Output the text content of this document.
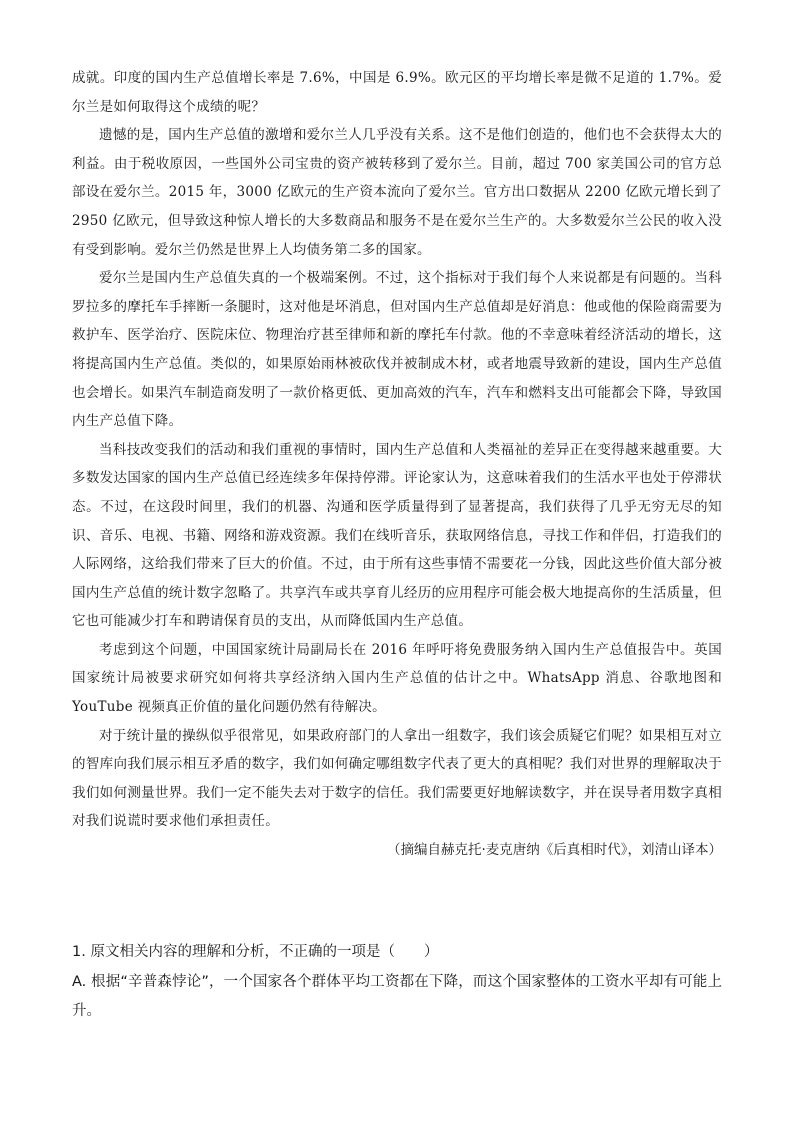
成就。印度的国内生产总值增长率是 7.6%，中国是 6.9%。欧元区的平均增长率是微不足道的 1.7%。爱尔兰是如何取得这个成绩的呢？

遗憾的是，国内生产总值的激增和爱尔兰人几乎没有关系。这不是他们创造的，他们也不会获得太大的利益。由于税收原因，一些国外公司宝贵的资产被转移到了爱尔兰。目前，超过 700 家美国公司的官方总部设在爱尔兰。2015 年，3000 亿欧元的生产资本流向了爱尔兰。官方出口数据从 2200 亿欧元增长到了 2950 亿欧元，但导致这种惊人增长的大多数商品和服务不是在爱尔兰生产的。大多数爱尔兰公民的收入没有受到影响。爱尔兰仍然是世界上人均债务第二多的国家。

爱尔兰是国内生产总值失真的一个极端案例。不过，这个指标对于我们每个人来说都是有问题的。当科罗拉多的摩托车手摔断一条腿时，这对他是坏消息，但对国内生产总值却是好消息：他或他的保险商需要为救护车、医学治疗、医院床位、物理治疗甚至律师和新的摩托车付款。他的不幸意味着经济活动的增长，这将提高国内生产总值。类似的，如果原始雨林被砍伐并被制成木材，或者地震导致新的建设，国内生产总值也会增长。如果汽车制造商发明了一款价格更低、更加高效的汽车，汽车和燃料支出可能都会下降，导致国内生产总值下降。

当科技改变我们的活动和我们重视的事情时，国内生产总值和人类福祉的差异正在变得越来越重要。大多数发达国家的国内生产总值已经连续多年保持停滞。评论家认为，这意味着我们的生活水平也处于停滞状态。不过，在这段时间里，我们的机器、沟通和医学质量得到了显著提高，我们获得了几乎无穷无尽的知识、音乐、电视、书籍、网络和游戏资源。我们在线听音乐，获取网络信息，寻找工作和伴侣，打造我们的人际网络，这给我们带来了巨大的价值。不过，由于所有这些事情不需要花一分钱，因此这些价值大部分被国内生产总值的统计数字忽略了。共享汽车或共享育儿经历的应用程序可能会极大地提高你的生活质量，但它也可能减少打车和聘请保育员的支出，从而降低国内生产总值。

考虑到这个问题，中国国家统计局副局长在 2016 年呼吁将免费服务纳入国内生产总值报告中。英国国家统计局被要求研究如何将共享经济纳入国内生产总值的估计之中。WhatsApp 消息、谷歌地图和 YouTube 视频真正价值的量化问题仍然有待解决。

对于统计量的操纵似乎很常见，如果政府部门的人拿出一组数字，我们该会质疑它们呢？如果相互对立的智库向我们展示相互矛盾的数字，我们如何确定哪组数字代表了更大的真相呢？我们对世界的理解取决于我们如何测量世界。我们一定不能失去对于数字的信任。我们需要更好地解读数字，并在误导者用数字真相对我们说谎时要求他们承担责任。

（摘编自赫克托·麦克唐纳《后真相时代》，刘清山译本）

1. 原文相关内容的理解和分析，不正确的一项是（　　）

A. 根据“辛普森悖论”，一个国家各个群体平均工资都在下降，而这个国家整体的工资水平却有可能上升。
